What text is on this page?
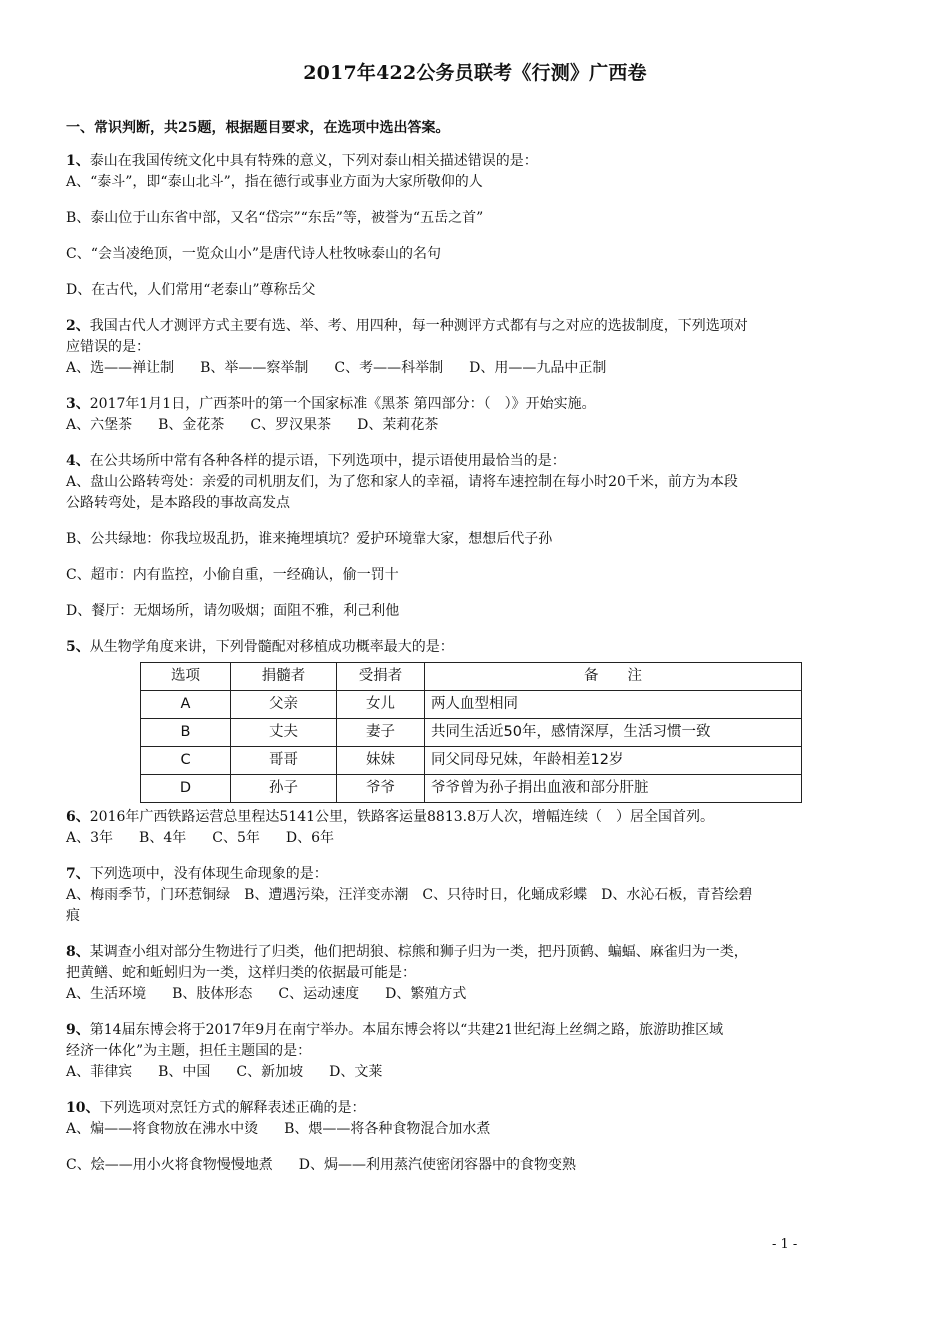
2017年422公务员联考《行测》广西卷
一、常识判断，共25题，根据题目要求，在选项中选出答案。
1、泰山在我国传统文化中具有特殊的意义，下列对泰山相关描述错误的是：
A、“泰斗”，即“泰山北斗”，指在德行或事业方面为大家所敬仰的人
B、泰山位于山东省中部，又名“岱宗”“东岳”等，被誉为“五岳之首”
C、“会当凌绝顶，一览众山小”是唐代诗人杜牧咏泰山的名句
D、在古代，人们常用“老泰山”尊称岳父
2、我国古代人才测评方式主要有选、举、考、用四种，每一种测评方式都有与之对应的选拔制度，下列选项对
应错误的是：
A、选——禅让制 B、举——察举制 C、考——科举制 D、用——九品中正制
3、2017年1月1日，广西茶叶的第一个国家标准《黑茶 第四部分：（　）》开始实施。
A、六堡茶 B、金花茶 C、罗汉果茶 D、茉莉花茶
4、在公共场所中常有各种各样的提示语，下列选项中，提示语使用最恰当的是：
A、盘山公路转弯处：亲爱的司机朋友们，为了您和家人的幸福，请将车速控制在每小时20千米，前方为本段
公路转弯处，是本路段的事故高发点
B、公共绿地：你我垃圾乱扔，谁来掩埋填坑？爱护环境靠大家，想想后代子孙
C、超市：内有监控，小偷自重，一经确认，偷一罚十
D、餐厅：无烟场所，请勿吸烟；面阻不雅，利己利他
5、从生物学角度来讲，下列骨髓配对移植成功概率最大的是：
选项	捐髓者	受捐者	备　　注
A	父亲	女儿	两人血型相同
B	丈夫	妻子	共同生活近50年，感情深厚，生活习惯一致
C	哥哥	妹妹	同父同母兄妹，年龄相差12岁
D	孙子	爷爷	爷爷曾为孙子捐出血液和部分肝脏
6、2016年广西铁路运营总里程达5141公里，铁路客运量8813.8万人次，增幅连续（　）居全国首列。
A、3年 B、4年 C、5年 D、6年
7、下列选项中，没有体现生命现象的是：
A、梅雨季节，门环惹铜绿　B、遭遇污染，汪洋变赤潮　C、只待时日，化蛹成彩蝶　D、水沁石板，青苔绘碧
痕
8、某调查小组对部分生物进行了归类，他们把胡狼、棕熊和狮子归为一类，把丹顶鹤、蝙蝠、麻雀归为一类，
把黄鳝、蛇和蚯蚓归为一类，这样归类的依据最可能是：
A、生活环境 B、肢体形态 C、运动速度 D、繁殖方式
9、第14届东博会将于2017年9月在南宁举办。本届东博会将以“共建21世纪海上丝绸之路，旅游助推区域
经济一体化”为主题，担任主题国的是：
A、菲律宾 B、中国 C、新加坡 D、文莱
10、下列选项对烹饪方式的解释表述正确的是：
A、煸——将食物放在沸水中烫 B、煨——将各种食物混合加水煮
C、烩——用小火将食物慢慢地煮 D、焗——利用蒸汽使密闭容器中的食物变熟
- 1 -
